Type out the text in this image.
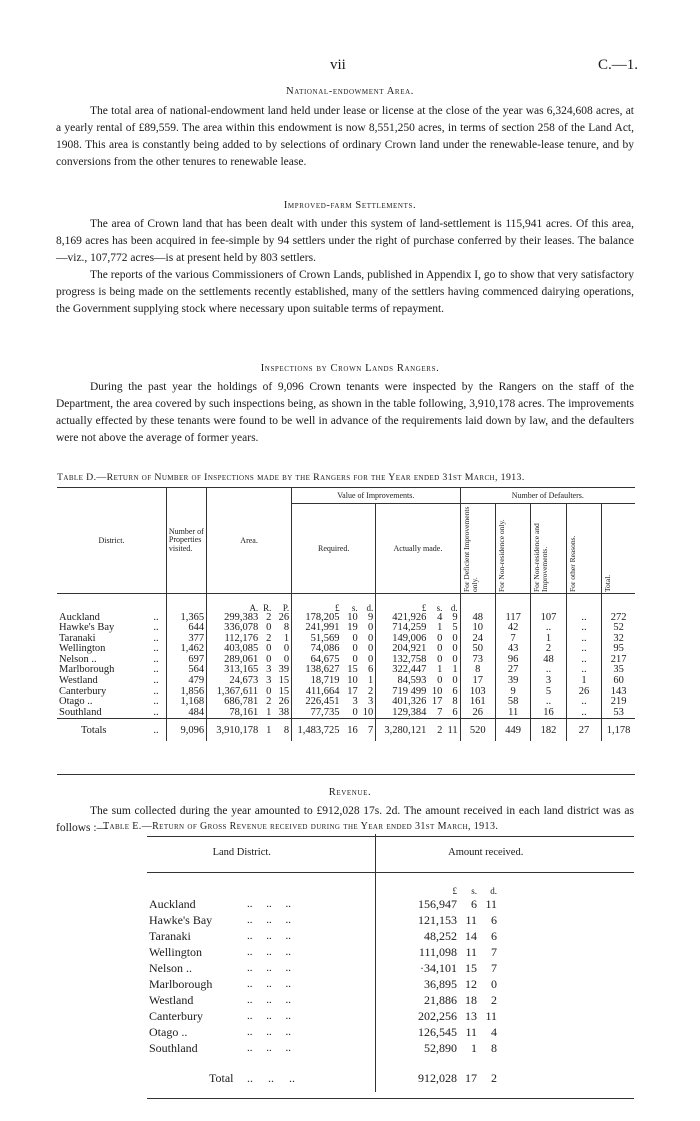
vii	C.—1.
National-endowment Area.

The total area of national-endowment land held under lease or license at the close of the year was 6,324,608 acres, at a yearly rental of £89,559. The area within this endowment is now 8,551,250 acres, in terms of section 258 of the Land Act, 1908. This area is constantly being added to by selections of ordinary Crown land under the renewable-lease tenure, and by conversions from the other tenures to renewable lease.

Improved-farm Settlements.

The area of Crown land that has been dealt with under this system of land-settlement is 115,941 acres. Of this area, 8,169 acres has been acquired in fee-simple by 94 settlers under the right of purchase conferred by their leases. The balance—viz., 107,772 acres—is at present held by 803 settlers.

The reports of the various Commissioners of Crown Lands, published in Appendix I, go to show that very satisfactory progress is being made on the settlements recently established, many of the settlers having commenced dairying operations, the Government supplying stock where necessary upon suitable terms of repayment.

Inspections by Crown Lands Rangers.

During the past year the holdings of 9,096 Crown tenants were inspected by the Rangers on the staff of the Department, the area covered by such inspections being, as shown in the table following, 3,910,178 acres. The improvements actually effected by these tenants were found to be well in advance of the requirements laid down by law, and the defaulters were not above the average of former years.

Table D.—Return of Number of Inspections made by the Rangers for the Year ended 31st March, 1913.
District.		Number of Properties visited.	Area.			Value of Improvements.						Number of Defaulters.				
						Required.			Actually made.			For Deficient Improvements only.	For Non-residence only.	For Non-residence and Improvements.	For other Reasons.	Total.

			A.	R.	P.	£	s.	d.	£	s.	d.					
Auckland	..	1,365	299,383	2	26	178,205	10	9	421,926	4	9	48	117	107	..	272
Hawke's Bay	..	644	336,078	0	8	241,991	19	0	714,259	1	5	10	42	..	..	52
Taranaki	..	377	112,176	2	1	51,569	0	0	149,006	0	0	24	7	1	..	32
Wellington	..	1,462	403,085	0	0	74,086	0	0	204,921	0	0	50	43	2	..	95
Nelson ..	..	697	289,061	0	0	64,675	0	0	132,758	0	0	73	96	48	..	217
Marlborough	..	564	313,165	3	39	138,627	15	6	322,447	1	1	8	27	..	..	35
Westland	..	479	24,673	3	15	18,719	10	1	84,593	0	0	17	39	3	1	60
Canterbury	..	1,856	1,367,611	0	15	411,664	17	2	719 499	10	6	103	9	5	26	143
Otago ..	..	1,168	686,781	2	26	226,451	3	3	401,326	17	8	161	58	..	..	219
Southland	..	484	78,161	1	38	77,735	0	10	129,384	7	6	26	11	16	..	53
Totals	..	9,096	3,910,178	1	8	1,483,725	16	7	3,280,121	2	11	520	449	182	27	1,178
Revenue.

The sum collected during the year amounted to £912,028 17s. 2d. The amount received in each land district was as follows :—

Table E.—Return of Gross Revenue received during the Year ended 31st March, 1913.
Land District.		Amount received.			
		£	s.	d.	
Auckland	..     ..     ..	156,947	6	11	
Hawke's Bay	..     ..     ..	121,153	11	6	
Taranaki	..     ..     ..	48,252	14	6	
Wellington	..     ..     ..	111,098	11	7	
Nelson ..	..     ..     ..	·34,101	15	7	
Marlborough	..     ..     ..	36,895	12	0	
Westland	..     ..     ..	21,886	18	2	
Canterbury	..     ..     ..	202,256	13	11	
Otago ..	..     ..     ..	126,545	11	4	
Southland	..     ..     ..	52,890	1	8	
Total	..     ..     ..	912,028	17	2	
